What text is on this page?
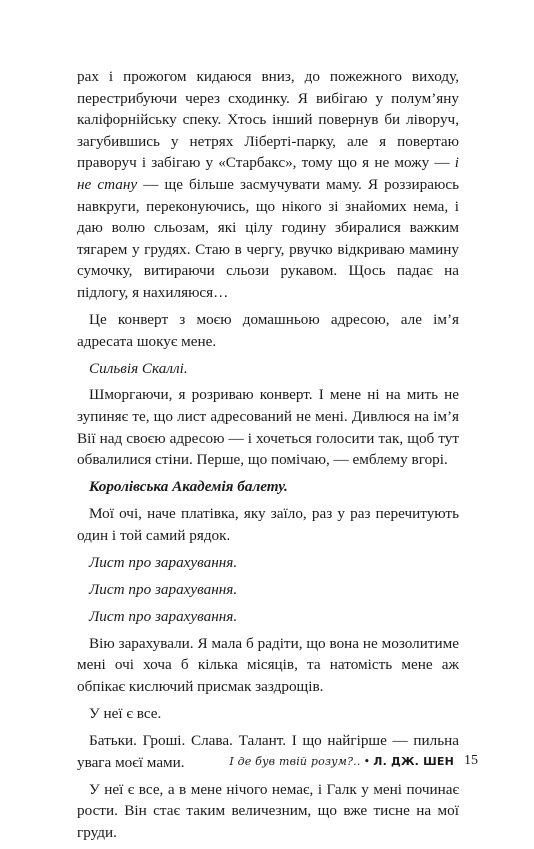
рах і прожогом кидаюся вниз, до пожежного виходу, перестрибуючи через сходинку. Я вибігаю у полум’яну каліфорнійську спеку. Хтось інший повернув би ліворуч, загубившись у нетрях Ліберті-парку, але я повертаю праворуч і забігаю у «Старбакс», тому що я не можу — і не стану — ще більше засмучувати маму. Я роззираюсь навкруги, переконуючись, що нікого зі знайомих нема, і даю волю сльозам, які цілу годину збиралися важким тягарем у грудях. Стаю в чергу, рвучко відкриваю мамину сумочку, витираючи сльози рукавом. Щось падає на підлогу, я нахиляюся…

Це конверт з моєю домашньою адресою, але ім’я адресата шокує мене.

Сильвія Скаллі.

Шморгаючи, я розриваю конверт. І мене ні на мить не зупиняє те, що лист адресований не мені. Дивлюся на ім’я Вії над своєю адресою — і хочеться голосити так, щоб тут обвалилися стіни. Перше, що помічаю, — емблему вгорі.

Королівська Академія балету.

Мої очі, наче платівка, яку заїло, раз у раз перечитують один і той самий рядок.

Лист про зарахування.

Лист про зарахування.

Лист про зарахування.

Вію зарахували. Я мала б радіти, що вона не мозолитиме мені очі хоча б кілька місяців, та натомість мене аж обпікає кислючий присмак заздрощів.

У неї є все.

Батьки. Гроші. Слава. Талант. І що найгірше — пильна увага моєї мами.

У неї є все, а в мене нічого немає, і Галк у мені починає рости. Він стає таким величезним, що вже тисне на мої груди.

І де був твій розум?.. • Л. ДЖ. ШЕН 15
